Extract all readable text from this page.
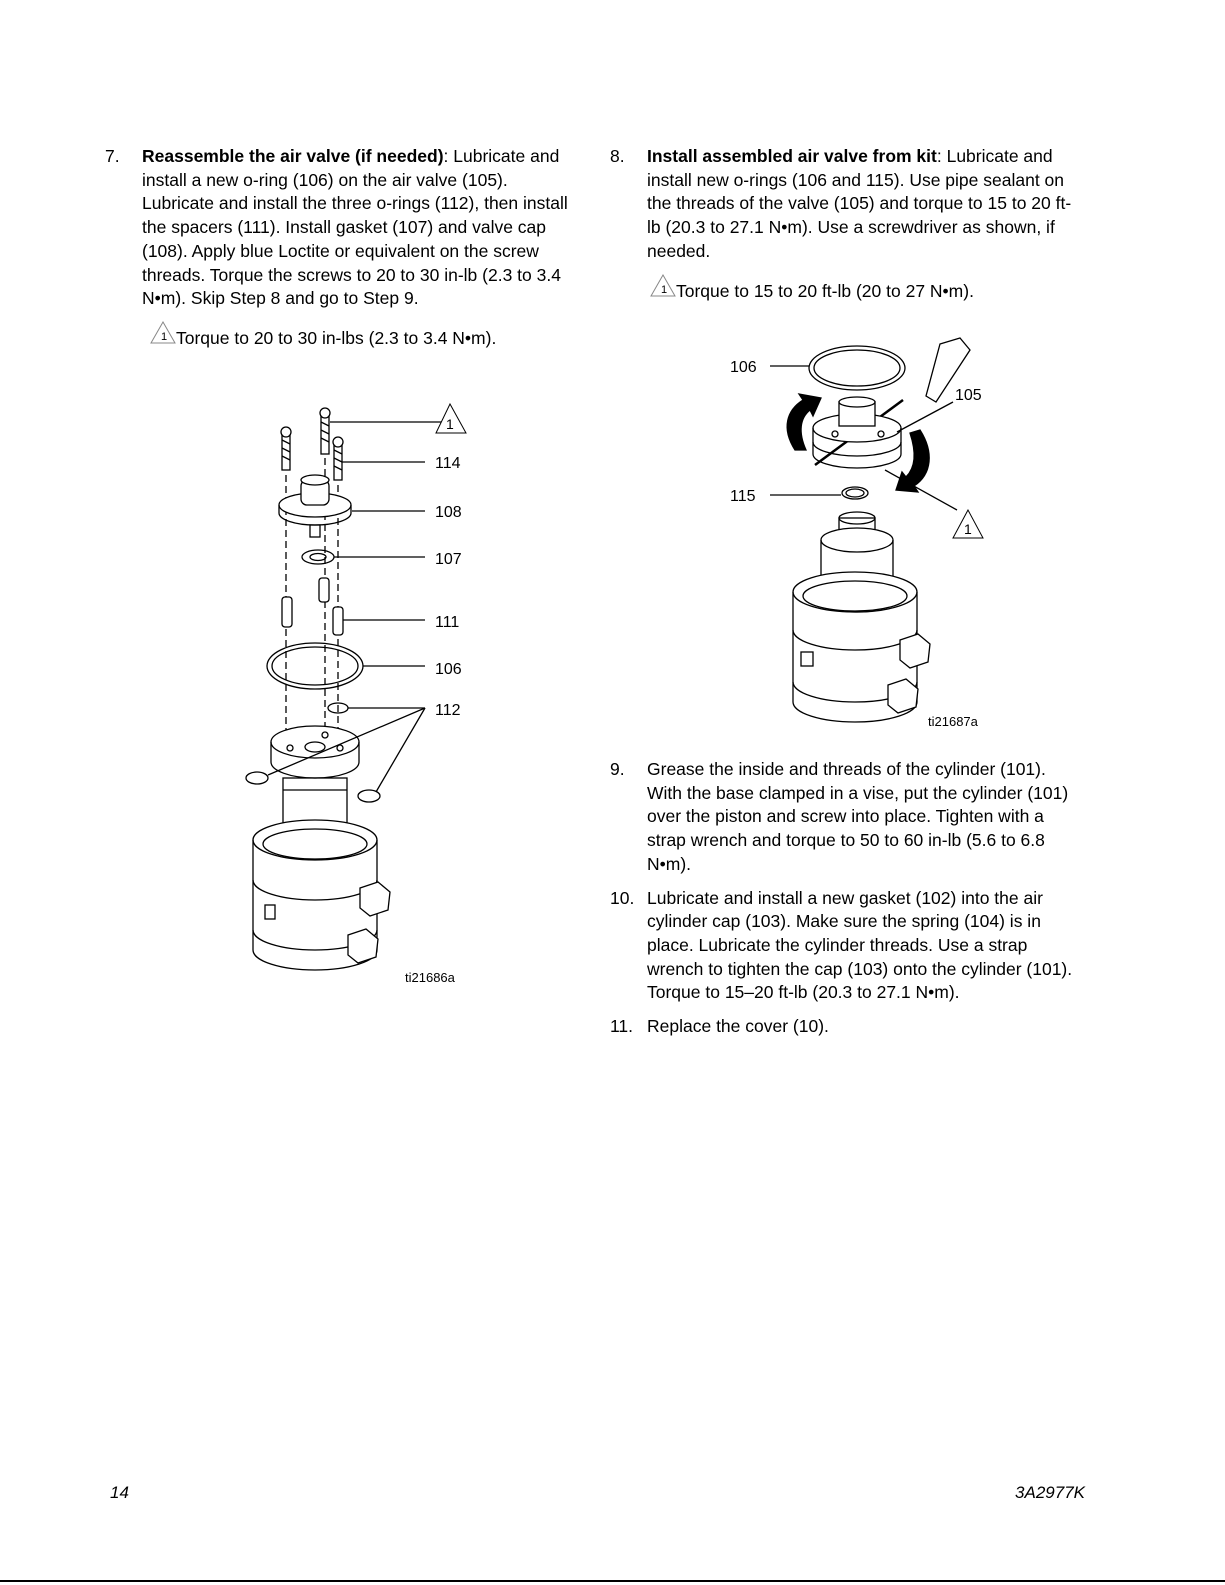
7. Reassemble the air valve (if needed): Lubricate and install a new o-ring (106) on the air valve (105). Lubricate and install the three o-rings (112), then install the spacers (111). Install gasket (107) and valve cap (108). Apply blue Loctite or equivalent on the screw threads. Torque the screws to 20 to 30 in-lb (2.3 to 3.4 N•m). Skip Step 8 and go to Step 9.
1 Torque to 20 to 30 in-lbs (2.3 to 3.4 N•m).
8. Install assembled air valve from kit: Lubricate and install new o-rings (106 and 115). Use pipe sealant on the threads of the valve (105) and torque to 15 to 20 ft-lb (20.3 to 27.1 N•m). Use a screwdriver as shown, if needed.
1 Torque to 15 to 20 ft-lb (20 to 27 N•m).
9. Grease the inside and threads of the cylinder (101). With the base clamped in a vise, put the cylinder (101) over the piston and screw into place. Tighten with a strap wrench and torque to 50 to 60 in-lb (5.6 to 6.8 N•m).
10. Lubricate and install a new gasket (102) into the air cylinder cap (103). Make sure the spring (104) is in place. Lubricate the cylinder threads. Use a strap wrench to tighten the cap (103) onto the cylinder (101). Torque to 15–20 ft-lb (20.3 to 27.1 N•m).
11. Replace the cover (10).
1
114
108
107
111
106
112
ti21686a
106
105
115
1
ti21687a
14	3A2977K
